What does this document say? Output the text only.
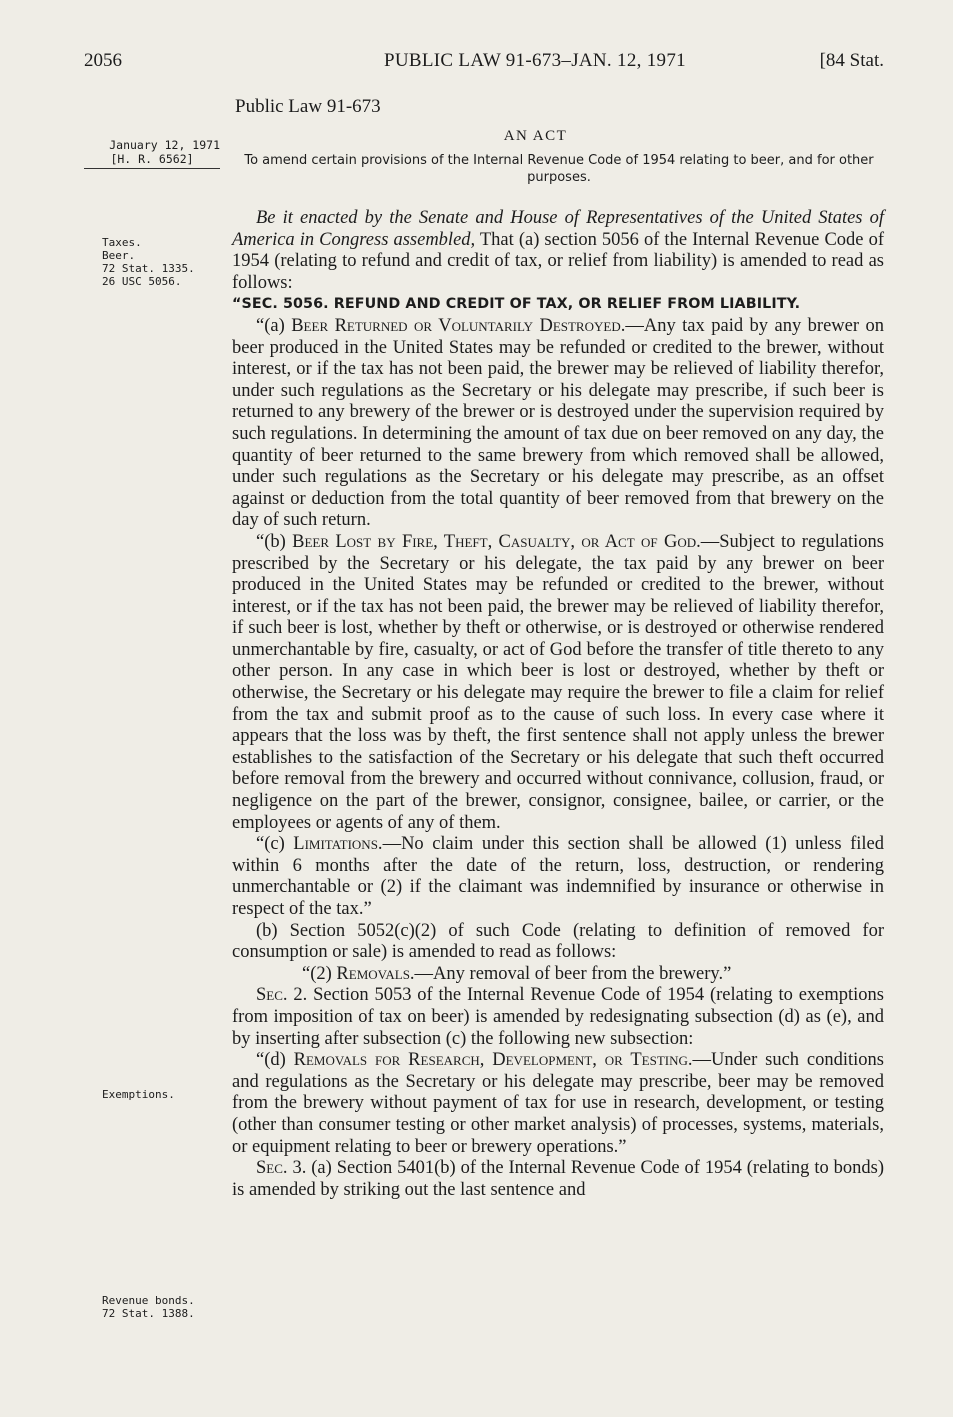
2056	PUBLIC LAW 91-673–JAN. 12, 1971	[84 Stat.
Public Law 91-673
AN ACT
To amend certain provisions of the Internal Revenue Code of 1954 relating to beer, and for other purposes.
January 12, 1971
[H. R. 6562]
Taxes.
Beer.
72 Stat. 1335.
26 USC 5056.
Exemptions.
Revenue bonds.
72 Stat. 1388.

Be it enacted by the Senate and House of Representatives of the United States of America in Congress assembled, That (a) section 5056 of the Internal Revenue Code of 1954 (relating to refund and credit of tax, or relief from liability) is amended to read as follows:

“SEC. 5056. REFUND AND CREDIT OF TAX, OR RELIEF FROM LIABILITY.

“(a) Beer Returned or Voluntarily Destroyed.—Any tax paid by any brewer on beer produced in the United States may be refunded or credited to the brewer, without interest, or if the tax has not been paid, the brewer may be relieved of liability therefor, under such regulations as the Secretary or his delegate may prescribe, if such beer is returned to any brewery of the brewer or is destroyed under the supervision required by such regulations. In determining the amount of tax due on beer removed on any day, the quantity of beer returned to the same brewery from which removed shall be allowed, under such regulations as the Secretary or his delegate may prescribe, as an offset against or deduction from the total quantity of beer removed from that brewery on the day of such return.

“(b) Beer Lost by Fire, Theft, Casualty, or Act of God.—Subject to regulations prescribed by the Secretary or his delegate, the tax paid by any brewer on beer produced in the United States may be refunded or credited to the brewer, without interest, or if the tax has not been paid, the brewer may be relieved of liability therefor, if such beer is lost, whether by theft or otherwise, or is destroyed or otherwise rendered unmerchantable by fire, casualty, or act of God before the transfer of title thereto to any other person. In any case in which beer is lost or destroyed, whether by theft or otherwise, the Secretary or his delegate may require the brewer to file a claim for relief from the tax and submit proof as to the cause of such loss. In every case where it appears that the loss was by theft, the first sentence shall not apply unless the brewer establishes to the satisfaction of the Secretary or his delegate that such theft occurred before removal from the brewery and occurred without connivance, collusion, fraud, or negligence on the part of the brewer, consignor, consignee, bailee, or carrier, or the employees or agents of any of them.

“(c) Limitations.—No claim under this section shall be allowed (1) unless filed within 6 months after the date of the return, loss, destruction, or rendering unmerchantable or (2) if the claimant was indemnified by insurance or otherwise in respect of the tax.”

(b) Section 5052(c)(2) of such Code (relating to definition of removed for consumption or sale) is amended to read as follows:

“(2) Removals.—Any removal of beer from the brewery.”

Sec. 2. Section 5053 of the Internal Revenue Code of 1954 (relating to exemptions from imposition of tax on beer) is amended by redesignating subsection (d) as (e), and by inserting after subsection (c) the following new subsection:

“(d) Removals for Research, Development, or Testing.—Under such conditions and regulations as the Secretary or his delegate may prescribe, beer may be removed from the brewery without payment of tax for use in research, development, or testing (other than consumer testing or other market analysis) of processes, systems, materials, or equipment relating to beer or brewery operations.”

Sec. 3. (a) Section 5401(b) of the Internal Revenue Code of 1954 (relating to bonds) is amended by striking out the last sentence and
